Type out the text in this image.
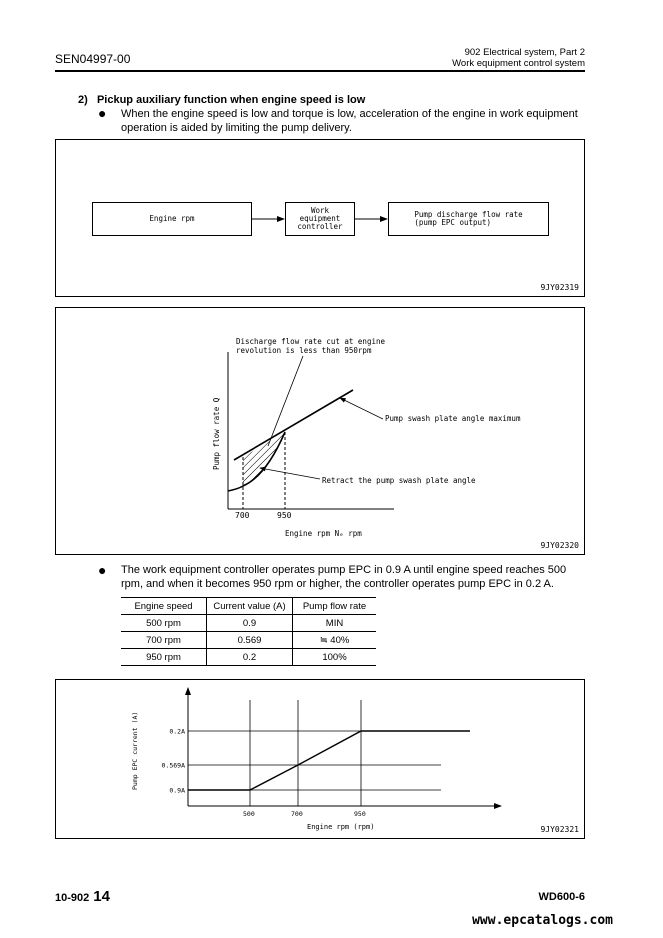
SEN04997-00	902 Electrical system, Part 2
Work equipment control system
2) Pickup auxiliary function when engine speed is low
● When the engine speed is low and torque is low, acceleration of the engine in work equipment
operation is aided by limiting the pump delivery.
Engine rpm
Work
equipment
controller
Pump discharge flow rate
(pump EPC output)
9JY02319
Discharge flow rate cut at engine
revolution is less than 950rpm
Pump swash plate angle maximum
Retract the pump swash plate angle
700	950
Engine rpm Nₑ rpm
Pump flow rate Q
9JY02320
● The work equipment controller operates pump EPC in 0.9 A until engine speed reaches 500
rpm, and when it becomes 950 rpm or higher, the controller operates pump EPC in 0.2 A.
Engine speed	Current value (A)	Pump flow rate
500 rpm	0.9	MIN
700 rpm	0.569	≒ 40%
950 rpm	0.2	100%
Pump EPC current (A)
Engine rpm (rpm)
500	700	950
0.2A
0.569A
0.9A
9JY02321
10-902 14	WD600-6
www.epcatalogs.com
